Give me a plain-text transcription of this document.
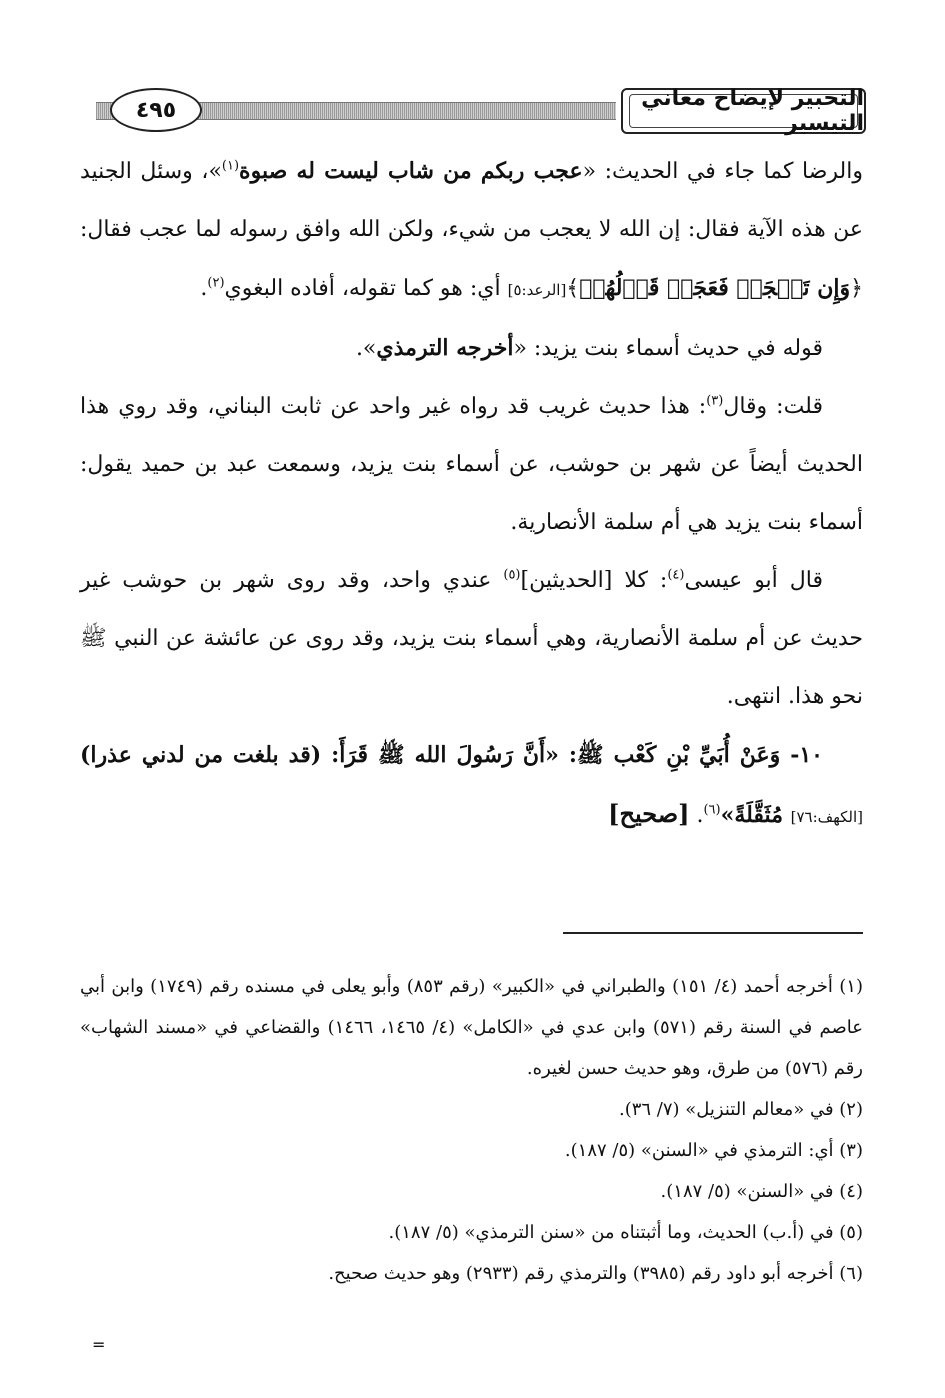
التحبير لإيضاح معاني التيسير
٤٩٥

والرضا كما جاء في الحديث: «عجب ربكم من شاب ليست له صبوة$^{(١)}$»، وسئل الجنيد عن هذه الآية فقال: إن الله لا يعجب من شيء، ولكن الله وافق رسوله لما عجب فقال: ﴿وَإِن تَعۡجَبۡ فَعَجَبٞ قَوۡلُهُمۡ﴾[الرعد:٥] أي: هو كما تقوله، أفاده البغوي$^{(٢)}$.

قوله في حديث أسماء بنت يزيد: «أخرجه الترمذي».

قلت: وقال$^{(٣)}$: هذا حديث غريب قد رواه غير واحد عن ثابت البناني، وقد روي هذا الحديث أيضاً عن شهر بن حوشب، عن أسماء بنت يزيد، وسمعت عبد بن حميد يقول: أسماء بنت يزيد هي أم سلمة الأنصارية.

قال أبو عيسى$^{(٤)}$: كلا [الحديثين]$^{(٥)}$ عندي واحد، وقد روى شهر بن حوشب غير حديث عن أم سلمة الأنصارية، وهي أسماء بنت يزيد، وقد روى عن عائشة عن النبي ﷺ نحو هذا. انتهى.

١٠- وَعَنْ أُبَيِّ بْنِ كَعْب ﷺ: «أَنَّ رَسُولَ الله ﷺ قَرَأَ: (قد بلغت من لدني عذرا)[الكهف:٧٦] مُثَقَّلَةً»$^{(٦)}$. [صحيح]

(١) أخرجه أحمد (٤/ ١٥١) والطبراني في «الكبير» (رقم ٨٥٣) وأبو يعلى في مسنده رقم (١٧٤٩) وابن أبي عاصم في السنة رقم (٥٧١) وابن عدي في «الكامل» (٤/ ١٤٦٥، ١٤٦٦) والقضاعي في «مسند الشهاب» رقم (٥٧٦) من طرق، وهو حديث حسن لغيره.

(٢) في «معالم التنزيل» (٧/ ٣٦).

(٣) أي: الترمذي في «السنن» (٥/ ١٨٧).

(٤) في «السنن» (٥/ ١٨٧).

(٥) في (أ.ب) الحديث، وما أثبتناه من «سنن الترمذي» (٥/ ١٨٧).

(٦) أخرجه أبو داود رقم (٣٩٨٥) والترمذي رقم (٢٩٣٣) وهو حديث صحيح.

=
